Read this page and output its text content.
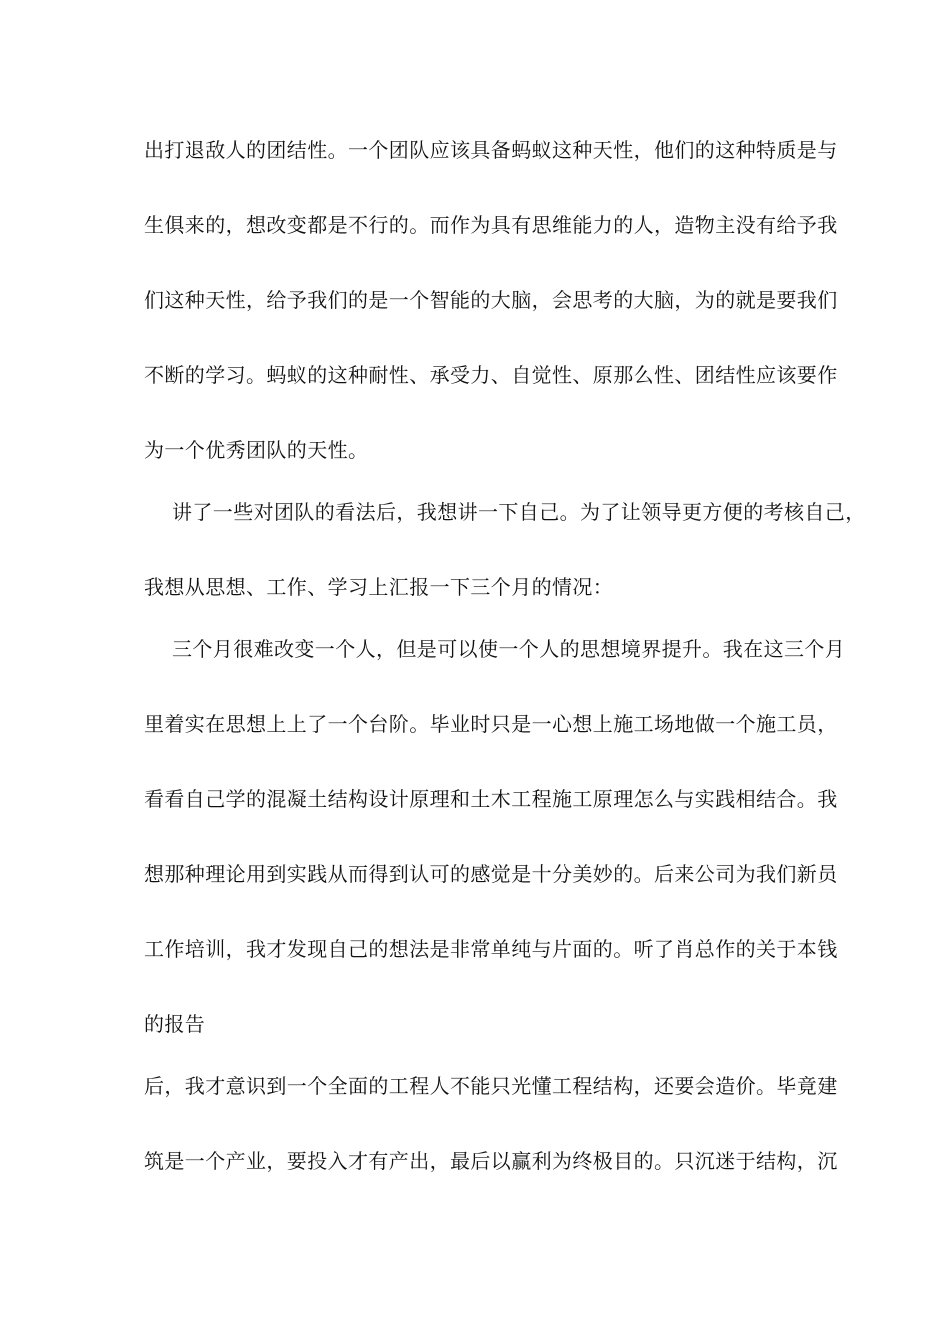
出打退敌人的团结性。一个团队应该具备蚂蚁这种天性，他们的这种特质是与
生俱来的，想改变都是不行的。而作为具有思维能力的人，造物主没有给予我
们这种天性，给予我们的是一个智能的大脑，会思考的大脑，为的就是要我们
不断的学习。蚂蚁的这种耐性、承受力、自觉性、原那么性、团结性应该要作
为一个优秀团队的天性。
讲了一些对团队的看法后，我想讲一下自己。为了让领导更方便的考核自己，
我想从思想、工作、学习上汇报一下三个月的情况：
三个月很难改变一个人，但是可以使一个人的思想境界提升。我在这三个月
里着实在思想上上了一个台阶。毕业时只是一心想上施工场地做一个施工员，
看看自己学的混凝土结构设计原理和土木工程施工原理怎么与实践相结合。我
想那种理论用到实践从而得到认可的感觉是十分美妙的。后来公司为我们新员
工作培训，我才发现自己的想法是非常单纯与片面的。听了肖总作的关于本钱
的报告
后，我才意识到一个全面的工程人不能只光懂工程结构，还要会造价。毕竟建
筑是一个产业，要投入才有产出，最后以赢利为终极目的。只沉迷于结构，沉
